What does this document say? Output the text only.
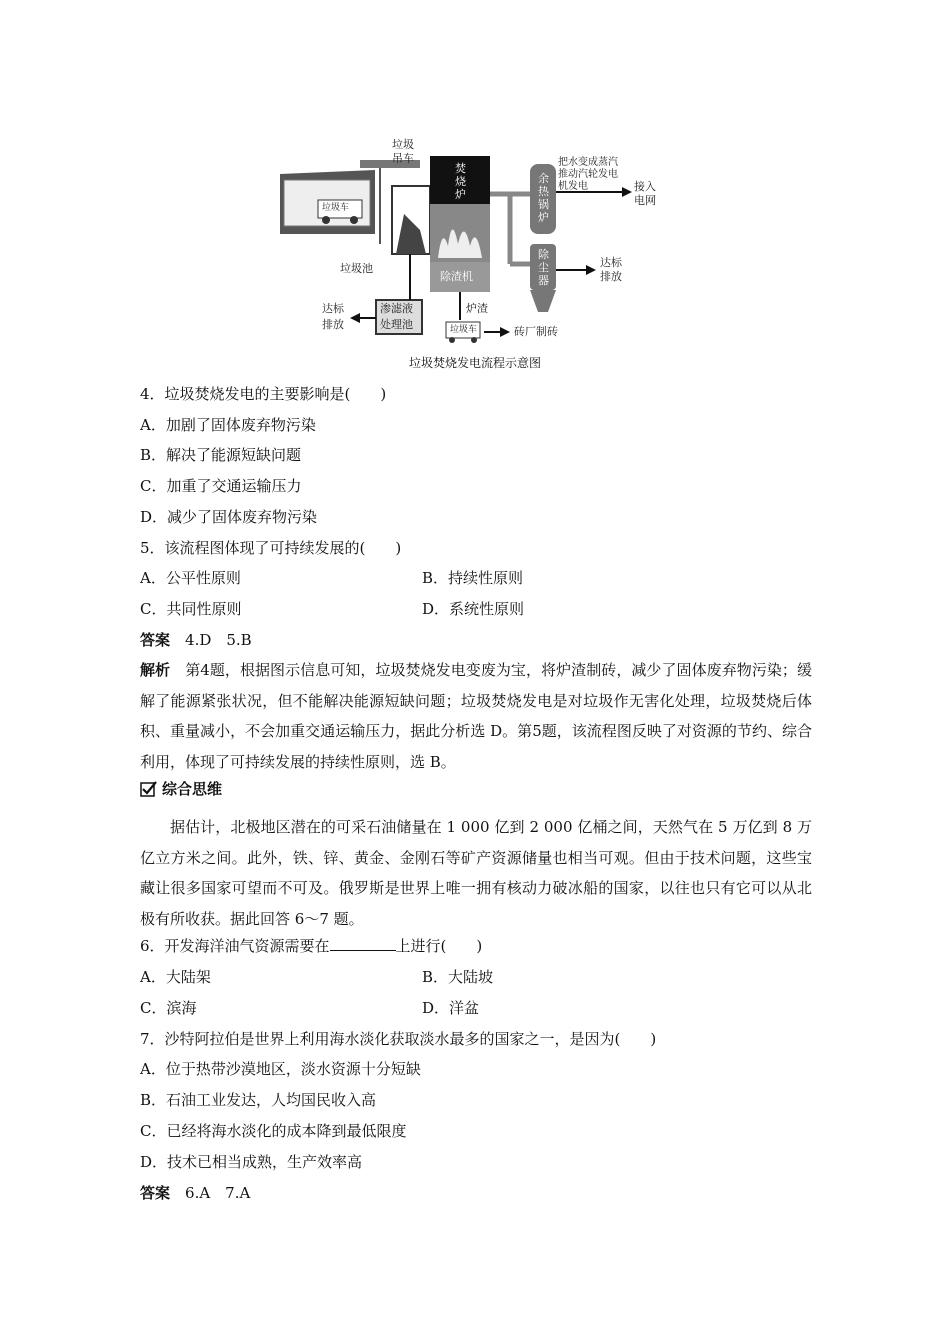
垃圾
吊车
焚烧炉
余热锅炉
把水变成蒸汽
推动汽轮发电
机发电	接入
电网
除渣机
除尘器
达标
排放
垃圾车
垃圾池
渗滤液
处理池
达标
排放
炉渣
垃圾车	砖厂制砖
垃圾焚烧发电流程示意图
4．垃圾焚烧发电的主要影响是(　　)
A．加剧了固体废弃物污染
B．解决了能源短缺问题
C．加重了交通运输压力
D．减少了固体废弃物污染
5．该流程图体现了可持续发展的(　　)
A．公平性原则	B．持续性原则
C．共同性原则	D．系统性原则
答案　 4.D　5.B
解析　 第4题，根据图示信息可知，垃圾焚烧发电变废为宝，将炉渣制砖，减少了固体废弃物污染；缓解了能源紧张状况，但不能解决能源短缺问题；垃圾焚烧发电是对垃圾作无害化处理，垃圾焚烧后体积、重量减小，不会加重交通运输压力，据此分析选 D。第5题，该流程图反映了对资源的节约、综合利用，体现了可持续发展的持续性原则，选 B。
综合思维
据估计，北极地区潜在的可采石油储量在 1 000 亿到 2 000 亿桶之间，天然气在 5 万亿到 8 万亿立方米之间。此外，铁、锌、黄金、金刚石等矿产资源储量也相当可观。但由于技术问题，这些宝藏让很多国家可望而不可及。俄罗斯是世界上唯一拥有核动力破冰船的国家，以往也只有它可以从北极有所收获。据此回答 6～7 题。
6．开发海洋油气资源需要在	上进行(　　)
A．大陆架	B．大陆坡
C．滨海	D．洋盆
7．沙特阿拉伯是世界上利用海水淡化获取淡水最多的国家之一，是因为(　　)
A．位于热带沙漠地区，淡水资源十分短缺
B．石油工业发达，人均国民收入高
C．已经将海水淡化的成本降到最低限度
D．技术已相当成熟，生产效率高
答案　 6.A　7.A
